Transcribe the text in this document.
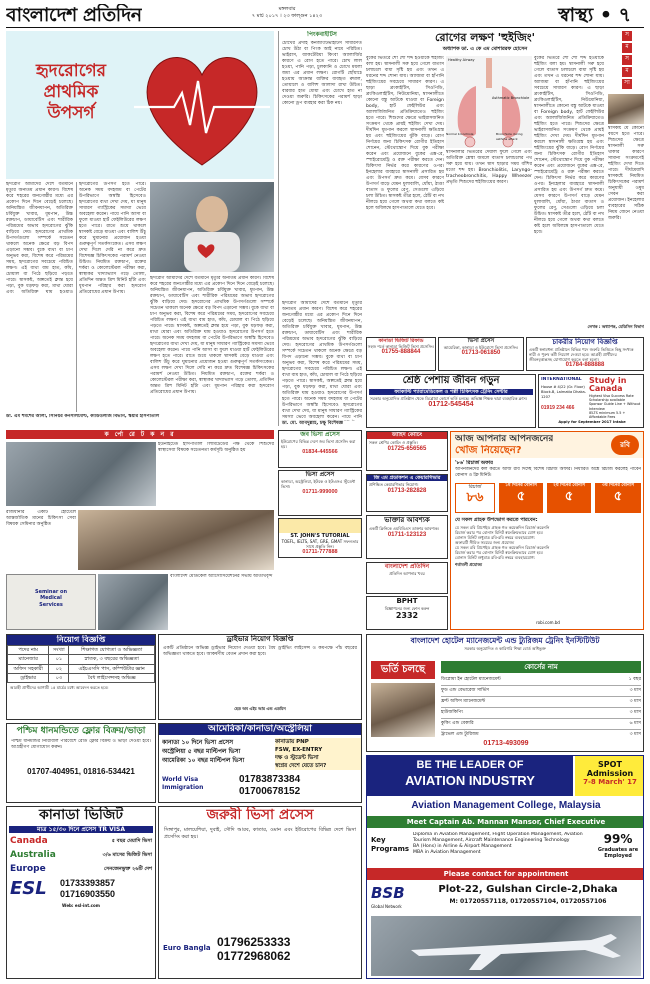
বাংলাদেশ প্রতিদিন	মঙ্গলবার
৭ মার্চ ২০১৭ । ২৩ ফাল্গুন ১৪২৩	স্বাস্থ্য • ৭
হৃদরোগের
প্রাথমিক
উপসর্গ
হৃদরোগ আমাদের দেশে বর্তমানে মৃত্যুর অন্যতম প্রধান কারণ। বিশেষ করে শহরের জনগোষ্ঠীর মধ্যে এর প্রকোপ দিনে দিনে বেড়েই চলেছে। অনিয়ন্ত্রিত জীবনযাপন, অতিরিক্ত চর্বিযুক্ত খাবার, ধূমপান, উচ্চ রক্তচাপ, ডায়াবেটিস এবং শারীরিক পরিশ্রমের অভাব হৃদরোগের ঝুঁকি বাড়িয়ে দেয়। হৃদরোগের প্রাথমিক উপসর্গগুলো সম্পর্কে সচেতন থাকলে অনেক ক্ষেত্রে বড় বিপদ এড়ানো সম্ভব। বুকে ব্যথা বা চাপ অনুভব করা, বিশেষ করে পরিশ্রমের সময়, হৃদরোগের সবচেয়ে পরিচিত লক্ষণ। এই ব্যথা বাম হাত, কাঁধ, চোয়াল বা পিঠে ছড়িয়ে পড়তে পারে। শ্বাসকষ্ট, অল্পতেই ক্লান্ত হয়ে পড়া, বুক ধড়ফড় করা, মাথা ঘোরা এবং অতিরিক্ত ঘাম হওয়াও হৃদরোগের উপসর্গ হতে পারে। অনেক সময় বদহজম বা পেটের উপরিভাগে অস্বস্তি হিসেবেও হৃদরোগের ব্যথা দেখা দেয়, যা মানুষ সাধারণ গ্যাস্ট্রিকের সমস্যা ভেবে অবহেলা করেন। পায়ে পানি আসা বা ফুলে যাওয়া হার্ট ফেইলিউরের লক্ষণ হতে পারে। রাতে শুয়ে থাকলে শ্বাসকষ্ট বেড়ে যাওয়া এবং বালিশ উঁচু করে ঘুমানোর প্রয়োজন হওয়া গুরুত্বপূর্ণ সতর্কসংকেত। এসব লক্ষণ দেখা দিলে দেরি না করে দ্রুত বিশেষজ্ঞ চিকিৎসকের পরামর্শ নেওয়া উচিত। নিয়মিত রক্তচাপ, রক্তের শর্করা ও কোলেস্টেরল পরীক্ষা করা, স্বাস্থ্যকর খাদ্যাভ্যাস গড়ে তোলা, প্রতিদিন অন্তত ত্রিশ মিনিট হাঁটা এবং ধূমপান পরিহার করা হৃদরোগ প্রতিরোধের প্রধান উপায়।
হৃদরোগ আমাদের দেশে বর্তমানে মৃত্যুর অন্যতম প্রধান কারণ। বিশেষ করে শহরের জনগোষ্ঠীর মধ্যে এর প্রকোপ দিনে দিনে বেড়েই চলেছে। অনিয়ন্ত্রিত জীবনযাপন, অতিরিক্ত চর্বিযুক্ত খাবার, ধূমপান, উচ্চ রক্তচাপ, ডায়াবেটিস এবং শারীরিক পরিশ্রমের অভাব হৃদরোগের ঝুঁকি বাড়িয়ে দেয়। হৃদরোগের প্রাথমিক উপসর্গগুলো সম্পর্কে সচেতন থাকলে অনেক ক্ষেত্রে বড় বিপদ এড়ানো সম্ভব। বুকে ব্যথা বা চাপ অনুভব করা, বিশেষ করে পরিশ্রমের সময়, হৃদরোগের সবচেয়ে পরিচিত লক্ষণ। এই ব্যথা বাম হাত, কাঁধ, চোয়াল বা পিঠে ছড়িয়ে পড়তে পারে। শ্বাসকষ্ট, অল্পতেই ক্লান্ত হয়ে পড়া, বুক ধড়ফড় করা, মাথা ঘোরা এবং অতিরিক্ত ঘাম হওয়াও হৃদরোগের উপসর্গ হতে পারে। অনেক সময় বদহজম বা পেটের উপরিভাগে অস্বস্তি হিসেবেও হৃদরোগের ব্যথা দেখা দেয়, যা মানুষ সাধারণ গ্যাস্ট্রিকের সমস্যা ভেবে অবহেলা করেন। পায়ে পানি আসা বা ফুলে যাওয়া হার্ট ফেইলিউরের লক্ষণ হতে পারে। রাতে শুয়ে থাকলে শ্বাসকষ্ট বেড়ে যাওয়া এবং বালিশ উঁচু করে ঘুমানোর প্রয়োজন হওয়া গুরুত্বপূর্ণ সতর্কসংকেত। এসব লক্ষণ দেখা দিলে দেরি না করে দ্রুত বিশেষজ্ঞ চিকিৎসকের পরামর্শ নেওয়া উচিত। নিয়মিত রক্তচাপ, রক্তের শর্করা ও কোলেস্টেরল পরীক্ষা করা, স্বাস্থ্যকর খাদ্যাভ্যাস গড়ে তোলা, প্রতিদিন অন্তত ত্রিশ মিনিট হাঁটা এবং ধূমপান পরিহার করা হৃদরোগ প্রতিরোধের প্রধান উপায়।
ডা. এম শমশের আলী, সিনিয়র কনসালট্যান্ট, কার্ডিওলজি বিভাগ, স্কয়ার হাসপাতাল
পিংকবাইটিস
চোখের প্রদাহ কনজাংটিভাইটিস সাধারণত চোখ উঠা বা পিংক আই নামে পরিচিত। ভাইরাস, ব্যাকটেরিয়া কিংবা অ্যালার্জির কারণে এ রোগ হতে পারে। চোখ লাল হওয়া, পানি পড়া, চুলকানি ও চোখে ময়লা জমা এর প্রধান লক্ষণ। রোগটি ছোঁয়াচে হওয়ায় আক্রান্ত ব্যক্তির ব্যবহৃত রুমাল, তোয়ালে ও বালিশ আলাদা রাখা উচিত। বারবার হাত ধোয়া এবং চোখে হাত না দেওয়া জরুরি। চিকিৎসকের পরামর্শ ছাড়া কোনো ড্রপ ব্যবহার করা ঠিক নয়।
হৃদরোগ আমাদের দেশে বর্তমানে মৃত্যুর অন্যতম প্রধান কারণ। বিশেষ করে শহরের জনগোষ্ঠীর মধ্যে এর প্রকোপ দিনে দিনে বেড়েই চলেছে। অনিয়ন্ত্রিত জীবনযাপন, অতিরিক্ত চর্বিযুক্ত খাবার, ধূমপান, উচ্চ রক্তচাপ, ডায়াবেটিস এবং শারীরিক পরিশ্রমের অভাব হৃদরোগের ঝুঁকি বাড়িয়ে দেয়। হৃদরোগের প্রাথমিক উপসর্গগুলো সম্পর্কে সচেতন থাকলে অনেক ক্ষেত্রে বড় বিপদ এড়ানো সম্ভব। বুকে ব্যথা বা চাপ অনুভব করা, বিশেষ করে পরিশ্রমের সময়, হৃদরোগের সবচেয়ে পরিচিত লক্ষণ। এই ব্যথা বাম হাত, কাঁধ, চোয়াল বা পিঠে ছড়িয়ে পড়তে পারে। শ্বাসকষ্ট, অল্পতেই ক্লান্ত হয়ে পড়া, বুক ধড়ফড় করা, মাথা ঘোরা এবং অতিরিক্ত ঘাম হওয়াও হৃদরোগের উপসর্গ হতে পারে। অনেক সময় বদহজম বা পেটের উপরিভাগে অস্বস্তি হিসেবেও হৃদরোগের ব্যথা দেখা দেয়, যা মানুষ সাধারণ গ্যাস্ট্রিকের সমস্যা ভেবে অবহেলা করেন। পায়ে পানি
ডা. মো. আবদুল্লাহ, চক্ষু বিশেষজ্ঞ
রোগের লক্ষণ 'হুইজিং'
অধ্যাপক ডা. এ কে এম মোশাররফ হোসেন
বুকের ভিতরে শোঁ শোঁ শব্দ হওয়াকে হুইজিং বলা হয়। শ্বাসনালী সরু হয়ে গেলে বাতাস চলাচলে বাধা সৃষ্টি হয় এবং তখন এ ধরনের শব্দ শোনা যায়। অ্যাজমা বা হাঁপানি হুইজিংয়ের সবচেয়ে সাধারণ কারণ। এ ছাড়া ব্রংকাইটিস, সিওপিডি, ব্রংকিওলাইটিস, নিউমোনিয়া, শ্বাসনালীতে কোনো বস্তু আটকে যাওয়া বা Foreign body, হার্ট ফেইলিউর এবং অ্যালার্জিজনিত প্রতিক্রিয়াতেও হুইজিং হতে পারে। শিশুদের ক্ষেত্রে ভাইরাসজনিত সংক্রমণ থেকে প্রায়ই হুইজিং দেখা দেয়। দীর্ঘদিন ধূমপান করলে শ্বাসনালী ক্ষতিগ্রস্ত হয় এবং হুইজিংয়ের ঝুঁকি বাড়ে। রোগ নির্ণয়ের জন্য চিকিৎসক রোগীর ইতিহাস শোনেন, স্টেথোস্কোপ দিয়ে বুক পরীক্ষা করেন এবং প্রয়োজনে বুকের এক্স-রে, স্পাইরোমেট্রি ও রক্ত পরীক্ষা করতে দেন। চিকিৎসা নির্ভর করে কারণের ওপর। ইনহেলার ব্যবহারে শ্বাসনালী প্রসারিত হয় এবং উপসর্গ দ্রুত কমে। যেসব কারণে উপসর্গ বাড়ে যেমন ধুলাবালি, ধোঁয়া, ঠাণ্ডা বাতাস ও ফুলের রেণু, সেগুলো এড়িয়ে চলা উচিত। শ্বাসকষ্ট তীব্র হলে, ঠোঁট বা নখ নীলচে হয়ে গেলে অথবা কথা বলতে কষ্ট হলে অবিলম্বে হাসপাতালে যেতে হবে।
Healthy Airway
Asthmatic Bronchiole
Normal bronchiole	Bronchiole during asthma attack
শ্বাসনালীর ভিতরের দেয়াল ফুলে গেলে এবং অতিরিক্ত শ্লেষ্মা জমলে বাতাস চলাচলের পথ সরু হয়ে যায়। তখন শ্বাস ছাড়ার সময় বাঁশির মতো শব্দ হয়। Bronchiolitis, Laryngo-tracheobronchitis, Happy Wheezer প্রভৃতি শিশুদের হুইজিংয়ের কারণ।
বুকের ভিতরে শোঁ শোঁ শব্দ হওয়াকে হুইজিং বলা হয়। শ্বাসনালী সরু হয়ে গেলে বাতাস চলাচলে বাধা সৃষ্টি হয় এবং তখন এ ধরনের শব্দ শোনা যায়। অ্যাজমা বা হাঁপানি হুইজিংয়ের সবচেয়ে সাধারণ কারণ। এ ছাড়া ব্রংকাইটিস, সিওপিডি, ব্রংকিওলাইটিস, নিউমোনিয়া, শ্বাসনালীতে কোনো বস্তু আটকে যাওয়া বা Foreign body, হার্ট ফেইলিউর এবং অ্যালার্জিজনিত প্রতিক্রিয়াতেও হুইজিং হতে পারে। শিশুদের ক্ষেত্রে ভাইরাসজনিত সংক্রমণ থেকে প্রায়ই হুইজিং দেখা দেয়। দীর্ঘদিন ধূমপান করলে শ্বাসনালী ক্ষতিগ্রস্ত হয় এবং হুইজিংয়ের ঝুঁকি বাড়ে। রোগ নির্ণয়ের জন্য চিকিৎসক রোগীর ইতিহাস শোনেন, স্টেথোস্কোপ দিয়ে বুক পরীক্ষা করেন এবং প্রয়োজনে বুকের এক্স-রে, স্পাইরোমেট্রি ও রক্ত পরীক্ষা করতে দেন। চিকিৎসা নির্ভর করে কারণের ওপর। ইনহেলার ব্যবহারে শ্বাসনালী প্রসারিত হয় এবং উপসর্গ দ্রুত কমে। যেসব কারণে উপসর্গ বাড়ে যেমন ধুলাবালি, ধোঁয়া, ঠাণ্ডা বাতাস ও ফুলের রেণু, সেগুলো এড়িয়ে চলা উচিত। শ্বাসকষ্ট তীব্র হলে, ঠোঁট বা নখ নীলচে হয়ে গেলে অথবা কথা বলতে কষ্ট হলে অবিলম্বে হাসপাতালে যেতে হবে।
স
ম
স
ম
সা
শ্বাসকষ্ট যে কোনো বয়সে হতে পারে। শিশুদের ক্ষেত্রে শ্বাসনালী সরু থাকার কারণে সামান্য সংক্রমণেই হুইজিং দেখা দিতে পারে। দীর্ঘমেয়াদি শ্বাসকষ্টে নিয়মিত চিকিৎসকের পরামর্শ অনুযায়ী ওষুধ সেবন করা প্রয়োজন। ইনহেলার ব্যবহারের সঠিক নিয়ম জেনে নেওয়া জরুরি।
লেখক : অধ্যাপক, মেডিসিন বিভাগ
কানাডা ভিজিট রিফান্ড
সহজ শর্তে কানাডা ভিজিট ভিসা প্রসেসিং।
01755-888844
ভিসা প্রসেস
আমেরিকা, কানাডা ও ইউরোপে ভিসা প্রসেসিং।
01713-061850
চাকরীর নিয়োগ বিজ্ঞপ্তি
একটি স্বনামধন্য প্রতিষ্ঠানে বিভিন্ন পদে জরুরি ভিত্তিতে কিছু সংখ্যক নারী ও পুরুষ কর্মী নিয়োগ দেওয়া হবে। আগ্রহী প্রার্থীদের জীবনবৃত্তান্তসহ যোগাযোগ করতে বলা হলো।
01784-888888
শ্রেষ্ঠ পেশায় জীবন গড়ুন
ফ্যাকাল্টি প্যারামেডিকেল ও পল্লী চিকিৎসক ট্রেনিং সেন্টার
সরকার অনুমোদিত প্রতিষ্ঠান থেকে ডিপ্লোমা কোর্সে ভর্তি চলছে। অভিজ্ঞ শিক্ষক দ্বারা ব্যবহারিক ক্লাস।
01712-545454
INTERNATIONAL
House # 4/22 (Gr. Floor) Block-B, Lalmatia Dhaka-1207
01919 234 466
Study in Canada
Highest Visa Success Rate
Scholarship available
Sponsor Guide Line + Without Interview
IELTS minimum 5.5 + Affordable Fees
Apply for September 2017 Intake
ক র্পো রে ট ক ন র
ইউনাইটেড হাসপাতাল লিমিটেডের পক্ষ থেকে শিশুদের স্বাস্থ্যসেবা বিষয়ক সচেতনতা কর্মসূচি অনুষ্ঠিত হয়
রাজধানীর একটি হোটেলে আন্তর্জাতিক মানের চিকিৎসা সেবা বিষয়ক সেমিনার অনুষ্ঠিত
Seminar on
Medical
Services
বাংলাদেশ মেডিকেল অ্যাসোসিয়েশনের সভায় অতিথিবৃন্দ
জব ভিসা প্রসেস
ইউরোপের বিভিন্ন দেশে জব ভিসা প্রসেসিং করা হয়।
01834-445566
ভিসা প্রসেস
কানাডা, অস্ট্রেলিয়া, ইউকে ও ইউএসএ স্টুডেন্ট ভিসা।
01711-999000
ST. JOHN'S TUTORIAL
TOEFL, IELTS, SAT, GRE, GMAT সফলতার সাথে প্রস্তুতি নিন।
01711-777888
জাহিদ কোচিং
সকল শ্রেণির কোচিং ও প্রস্তুতি।
01725-656565
জি এম প্রডাকশন এ কেয়ারগিভার
প্রশিক্ষিত কেয়ারগিভার নিয়োগ।
01713-282828
ভাক্তার আবশ্যক
একটি ক্লিনিকে এমবিবিএস ডাক্তার আবশ্যক।
01711-123123
বাংলাদেশ প্রতিদিন
প্রতিদিন আপনার খবর
BPHT
বিজ্ঞাপনের জন্য ফোন করুন
2332
আজ আপনার আপনজনের
খোঁজ নিয়েছেন?	রবি
'৮৬' রিচার্জ অফার
আপনজনদের কল করতে আজ রবি দিচ্ছে বিশেষ রিচার্জ অফার। নির্ধারিত অঙ্কে রিচার্জ করলেই পাবেন বোনাস ও ফ্রি মিনিট।
রিচার্জ
৮৬
১ম দিনের বোনাস
৫
২য় দিনের বোনাস
৫
৩য় দিনের বোনাস
৫
যে সকল গ্রাহক উপভোগ করতে পারবেন:
যে সকল রবি প্রিপেইড গ্রাহক গত কয়েকদিন রিচার্জ করেননি
রিচার্জ করার পর বোনাস মিনিট স্বয়ংক্রিয়ভাবে যোগ হবে
বোনাস মিনিট শুধুমাত্র রবি-রবি নম্বরে ব্যবহারযোগ্য
অফারটি সীমিত সময়ের জন্য প্রযোজ্য
যে সকল রবি প্রিপেইড গ্রাহক গত কয়েকদিন রিচার্জ করেননি
রিচার্জ করার পর বোনাস মিনিট স্বয়ংক্রিয়ভাবে যোগ হবে
বোনাস মিনিট শুধুমাত্র রবি-রবি নম্বরে ব্যবহারযোগ্য
শর্তাবলী প্রযোজ্য
robi.com.bd
নিয়োগ বিজ্ঞপ্তি
পদের নাম	সংখ্যা	শিক্ষাগত যোগ্যতা ও অভিজ্ঞতা
ম্যানেজার	০১	স্নাতক, ৩ বছরের অভিজ্ঞতা
অফিস সহকারী	০২	এইচএসসি পাস, কম্পিউটার জ্ঞান
ড্রাইভার	০৩	বৈধ লাইসেন্সসহ অভিজ্ঞ
আগ্রহী প্রার্থীদের আগামী ১৫ মার্চের মধ্যে আবেদন করতে হবে।
ড্রাইভার নিয়োগ বিজ্ঞপ্তি
একটি প্রতিষ্ঠানে অভিজ্ঞ ড্রাইভার নিয়োগ দেওয়া হবে। বৈধ ড্রাইভিং লাইসেন্স ও কমপক্ষে পাঁচ বছরের অভিজ্ঞতা থাকতে হবে। আকর্ষণীয় বেতন প্রদান করা হবে।
হেড অব এইচ আর এন্ড এডমিন
বাংলাদেশ হোটেল ম্যানেজমেন্ট এন্ড ট্যুরিজম ট্রেনিং ইনস্টিটিউট
সরকার অনুমোদিত ও কারিগরি শিক্ষা বোর্ড অধিভুক্ত
ভর্তি চলছে	কোর্সের নাম
ডিপ্লোমা ইন হোটেল ম্যানেজমেন্ট	১ বছর
ফুড এন্ড বেভারেজ সার্ভিস	৩ মাস
ফ্রন্ট অফিস ম্যানেজমেন্ট	৩ মাস
হাউজকিপিং	৩ মাস
কুকিং এন্ড বেকারি	৬ মাস
ট্রাভেল এন্ড ট্যুরিজম	৩ মাস
01713-493099
পশ্চিম ধানমন্ডিতে ফ্লোর বিক্রয়/ভাড়া
পশ্চিম ধানমন্ডির নিরিবিলি পরিবেশে রেডি ফ্লোর বিক্রয় ও ভাড়া দেওয়া হবে। আগ্রহীগণ যোগাযোগ করুন।
01707-404951, 01816-534421
আমেরিকা/কানাডা/অস্ট্রেলিয়া
কানাডা ১০ দিনে ভিসা প্রসেস
অস্ট্রেলিয়া ৫ বছর মাল্টিপল ভিসা
আমেরিকা ১০ বছর মাল্টিপল ভিসা
কানাডায় PNP
FSW, EX-ENTRY
দক্ষ ও স্টুডেন্ট ভিসা
স্বপ্নের দেশে যেতে চান?
World Visa Immigration
01783873384
01700678152
BE THE LEADER OF
AVIATION INDUSTRY
SPOT Admission
7-8 March' 17
Aviation Management College, Malaysia
Meet Captain Ab. Mannan Mansor, Chief Executive
Key Programs
Diploma in Aviation Management, Flight Operation Management, Aviation Tourism Management, Aircraft Maintenance Engineering Technology
BA (Hons) in Airline & Airport Management
MBA in Aviation Management
99%
Graduates are Employed
Please contact for appointment
BSB
Global Network
Plot-22, Gulshan Circle-2,Dhaka
M: 01720557118, 01720557104, 01720557106
কানাডা ভিজিট
মাত্র ১৫/৩০ দিনে প্রসেস TR VISA
Canada	৫ বছর মেয়াদি ভিসা
Australia	৩/৬ মাসের ভিজিট ভিসা
Europe	সেনজেনভুক্ত ২৬টি দেশ
ESL	01733393857
01716903550
Web: esl-int.com
জরুরী ভিসা প্রসেস
সিঙ্গাপুর, মালয়েশিয়া, দুবাই, সৌদি আরব, কাতার, ওমান এবং ইউরোপের বিভিন্ন দেশে ভিসা প্রসেসিং করা হয়।
Euro Bangla 01796253333
01772968062
